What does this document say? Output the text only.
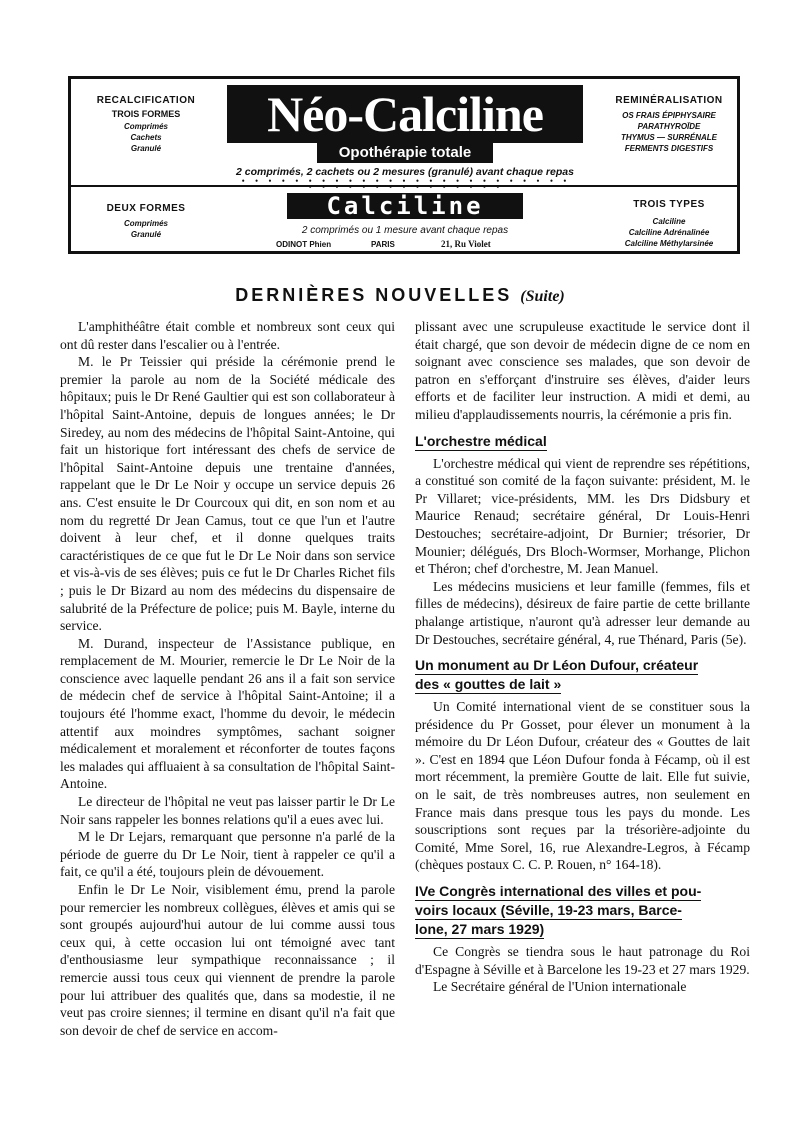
RECALCIFICATION
TROIS FORMES
Comprimés
Cachets
Granulé
Néo-Calciline
Opothérapie totale
2 comprimés, 2 cachets ou 2 mesures (granulé) avant chaque repas
• • • • • • • • • • • • • • • • • • • • • • • • • • • • • • • • • • • • • • • •
REMINÉRALISATION
OS FRAIS ÉPIPHYSAIRE
PARATHYROÏDE
THYMUS — SURRÉNALE
FERMENTS DIGESTIFS
DEUX FORMES
Comprimés
Granulé
Calciline
2 comprimés ou 1 mesure avant chaque repas
ODINOT Phien	PARIS	21, Ru Violet
TROIS TYPES
Calciline
Calciline Adrénalinée
Calciline Méthylarsinée
DERNIÈRES NOUVELLES (Suite)

L'amphithéâtre était comble et nombreux sont ceux qui ont dû rester dans l'escalier ou à l'entrée.

M. le Pr Teissier qui préside la cérémonie prend le premier la parole au nom de la Société médicale des hôpitaux; puis le Dr René Gaultier qui est son collaborateur à l'hôpital Saint-Antoine, depuis de longues années; le Dr Siredey, au nom des médecins de l'hôpital Saint-Antoine, qui fait un historique fort intéressant des chefs de service de l'hôpital Saint-Antoine depuis une trentaine d'années, rappelant que le Dr Le Noir y occupe un service depuis 26 ans. C'est ensuite le Dr Courcoux qui dit, en son nom et au nom du regretté Dr Jean Camus, tout ce que l'un et l'autre doivent à leur chef, et il donne quelques traits caractéristiques de ce que fut le Dr Le Noir dans son service et vis-à-vis de ses élèves; puis ce fut le Dr Charles Richet fils ; puis le Dr Bizard au nom des médecins du dispensaire de salubrité de la Préfecture de police; puis M. Bayle, interne du service.

M. Durand, inspecteur de l'Assistance publique, en remplacement de M. Mourier, remercie le Dr Le Noir de la conscience avec laquelle pendant 26 ans il a fait son service de médecin chef de service à l'hôpital Saint-Antoine; il a toujours été l'homme exact, l'homme du devoir, le médecin attentif aux moindres symptômes, sachant soigner médicalement et moralement et réconforter de toutes façons les malades qui affluaient à sa consultation de l'hôpital Saint-Antoine.

Le directeur de l'hôpital ne veut pas laisser partir le Dr Le Noir sans rappeler les bonnes relations qu'il a eues avec lui.

M le Dr Lejars, remarquant que personne n'a parlé de la période de guerre du Dr Le Noir, tient à rappeler ce qu'il a fait, ce qu'il a été, toujours plein de dévouement.

Enfin le Dr Le Noir, visiblement ému, prend la parole pour remercier les nombreux collègues, élèves et amis qui se sont groupés aujourd'hui autour de lui comme aussi tous ceux qui, à cette occasion lui ont témoigné avec tant d'enthousiasme leur sympathique reconnaissance ; il remercie aussi tous ceux qui viennent de prendre la parole pour lui attribuer des qualités que, dans sa modestie, il ne veut pas croire siennes; il termine en disant qu'il n'a fait que son devoir de chef de service en accom-

plissant avec une scrupuleuse exactitude le service dont il était chargé, que son devoir de médecin digne de ce nom en soignant avec conscience ses malades, que son devoir de patron en s'efforçant d'instruire ses élèves, d'aider leurs efforts et de faciliter leur instruction. A midi et demi, au milieu d'applaudissements nourris, la cérémonie a pris fin.

L'orchestre médical

L'orchestre médical qui vient de reprendre ses répétitions, a constitué son comité de la façon suivante: président, M. le Pr Villaret; vice-présidents, MM. les Drs Didsbury et Maurice Renaud; secrétaire général, Dr Louis-Henri Destouches; secrétaire-adjoint, Dr Burnier; trésorier, Dr Mounier; délégués, Drs Bloch-Wormser, Morhange, Plichon et Théron; chef d'orchestre, M. Jean Manuel.

Les médecins musiciens et leur famille (femmes, fils et filles de médecins), désireux de faire partie de cette brillante phalange artistique, n'auront qu'à adresser leur demande au Dr Destouches, secrétaire général, 4, rue Thénard, Paris (5e).

Un monument au Dr Léon Dufour, créateur
des « gouttes de lait »

Un Comité international vient de se constituer sous la présidence du Pr Gosset, pour élever un monument à la mémoire du Dr Léon Dufour, créateur des « Gouttes de lait ». C'est en 1894 que Léon Dufour fonda à Fécamp, où il est mort récemment, la première Goutte de lait. Elle fut suivie, on le sait, de très nombreuses autres, non seulement en France mais dans presque tous les pays du monde. Les souscriptions sont reçues par la trésorière-adjointe du Comité, Mme Sorel, 16, rue Alexandre-Legros, à Fécamp (chèques postaux C. C. P. Rouen, n° 164-18).

IVe Congrès international des villes et pou-
voirs locaux (Séville, 19-23 mars, Barce-
lone, 27 mars 1929)

Ce Congrès se tiendra sous le haut patronage du Roi d'Espagne à Séville et à Barcelone les 19-23 et 27 mars 1929.

Le Secrétaire général de l'Union internationale
